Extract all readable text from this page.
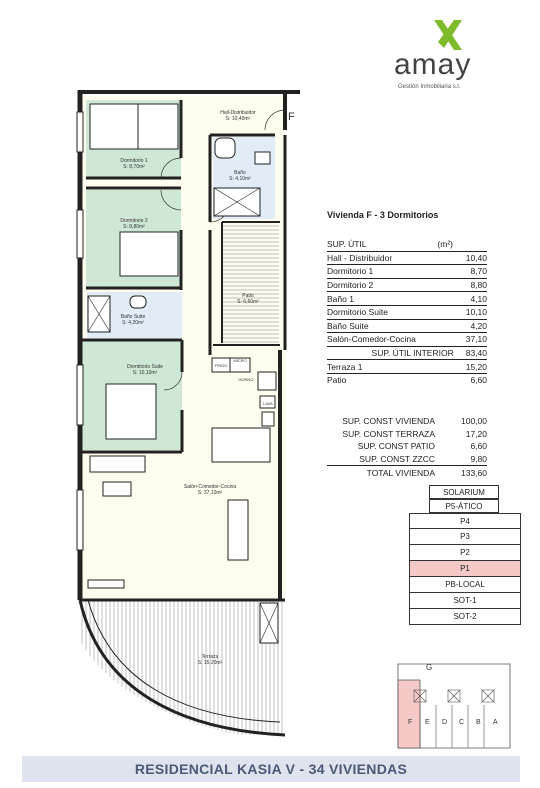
amay
Gestión Inmobiliaria s.l.
Hall-Distribuidor
S: 10,40m²
Dormitorio 1
S: 8,70m²
Baño
S: 4,10m²
Dormitorio 2
S: 8,80m²
Patio
S: 6,60m²
Baño Suite
S: 4,20m²
Dormitorio Suite
S: 10,10m²
Salón-Comedor-Cocina
S: 37,10m²
Terraza
S: 15,20m²
FRIGO
MICRO
HORNO
LAVA
F
G
F E D C B A
Vivienda F - 3 Dormitorios
SUP. ÚTIL	(m²)
Hall - Distribuidor	10,40
Dormitorio 1	8,70
Dormitorio 2	8,80
Baño 1	4,10
Dormitorio Suite	10,10
Baño Suite	4,20
Salón-Comedor-Cocina	37,10
SUP. ÚTIL INTERIOR 83,40
Terraza 1	15,20
Patio	6,60
SUP. CONST VIVIENDA	100,00
SUP. CONST TERRAZA	17,20
SUP. CONST PATIO	6,60
SUP. CONST ZZCC	9,80
TOTAL VIVIENDA	133,60
SOLARIUM
P5-ÁTICO
P4
P3
P2
P1
PB-LOCAL
SOT-1
SOT-2
RESIDENCIAL KASIA V - 34 VIVIENDAS
